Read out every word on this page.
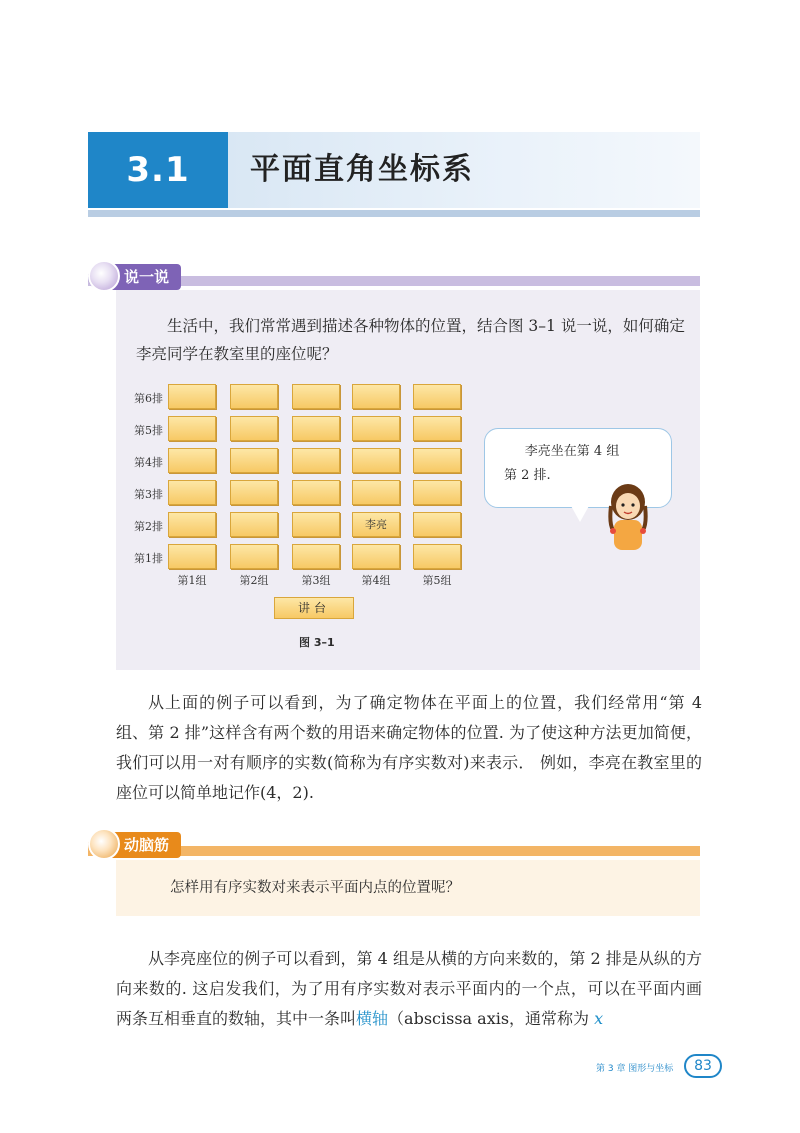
3.1	平面直角坐标系
说一说

生活中，我们常常遇到描述各种物体的位置，结合图 3–1 说一说，如何确定李亮同学在教室里的座位呢？

第6排
第5排
第4排
第3排
第2排	李亮
第1排
第1组	第2组	第3组	第4组	第5组
讲台
图 3–1
李亮坐在第 4 组
第 2 排.

从上面的例子可以看到，为了确定物体在平面上的位置，我们经常用“第 4 组、第 2 排”这样含有两个数的用语来确定物体的位置. 为了使这种方法更加简便，我们可以用一对有顺序的实数(简称为有序实数对)来表示． 例如，李亮在教室里的座位可以简单地记作(4，2).

动脑筋
怎样用有序实数对来表示平面内点的位置呢？

从李亮座位的例子可以看到，第 4 组是从横的方向来数的，第 2 排是从纵的方向来数的. 这启发我们，为了用有序实数对表示平面内的一个点，可以在平面内画两条互相垂直的数轴，其中一条叫横轴（abscissa axis，通常称为 x

第 3 章 图形与坐标	83
